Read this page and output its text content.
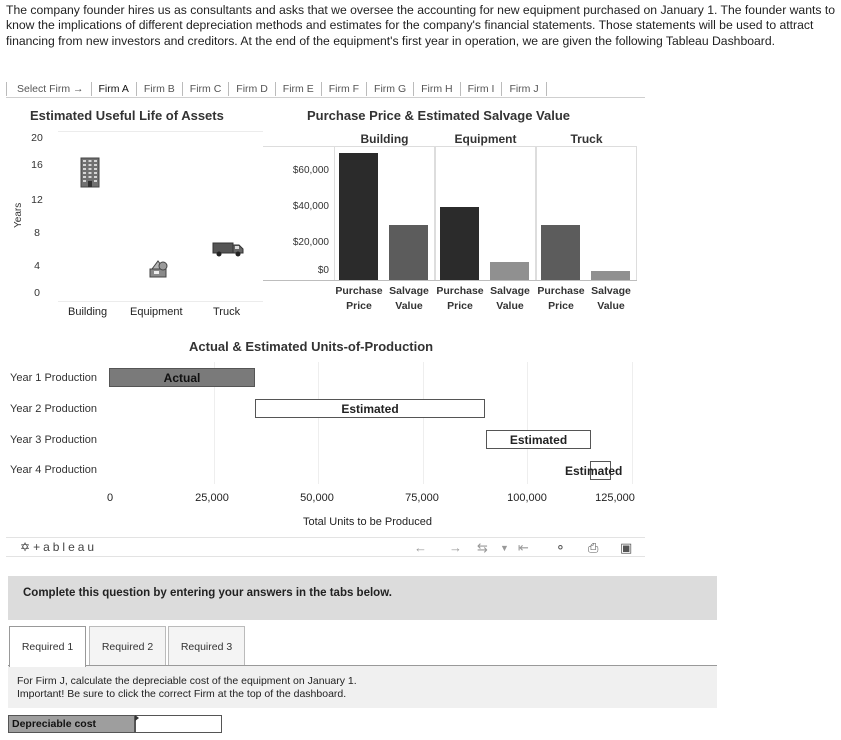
The company founder hires us as consultants and asks that we oversee the accounting for new equipment purchased on January 1. The founder wants to know the implications of different depreciation methods and estimates for the company's financial statements. Those statements will be used to attract financing from new investors and creditors. At the end of the equipment's first year in operation, we are given the following Tableau Dashboard.
Select Firm →	Firm A	Firm B	Firm C	Firm D	Firm E	Firm F	Firm G	Firm H	Firm I	Firm J
Estimated Useful Life of Assets
Years
20
16
12
8
4
0
Building Equipment	Truck
Purchase Price & Estimated Salvage Value
Building	Equipment	Truck
$60,000
$40,000
$20,000
$0
Purchase
Price
Salvage
Value
Purchase
Price
Salvage
Value
Purchase
Price
Salvage
Value
Actual & Estimated Units-of-Production
Year 1 Production
Year 2 Production
Year 3 Production
Year 4 Production
Actual
Estimated
Estimated
Estimated
0	25,000	50,000	75,000	100,000	125,000
Total Units to be Produced
✡+ableau	← → ⇆ ▼ ⇤ ⚬ ⎙ ▣
Complete this question by entering your answers in the tabs below.
Required 1	Required 2	Required 3
For Firm J, calculate the depreciable cost of the equipment on January 1.
Important! Be sure to click the correct Firm at the top of the dashboard.
Depreciable cost
